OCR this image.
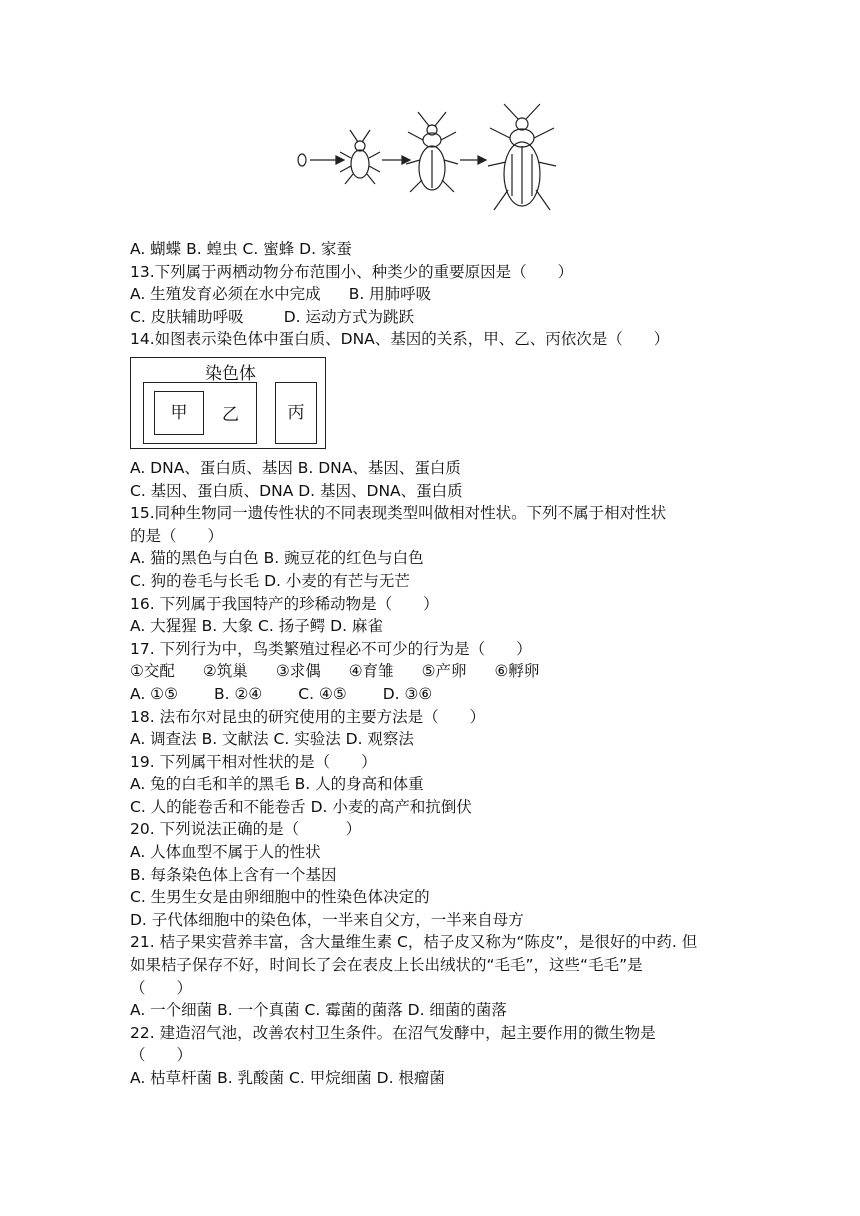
A. 蝴蝶 B. 蝗虫 C. 蜜蜂 D. 家蚕
13.下列属于两栖动物分布范围小、种类少的重要原因是（　　）
A. 生殖发育必须在水中完成 B. 用肺呼吸
C. 皮肤辅助呼吸	D. 运动方式为跳跃
14.如图表示染色体中蛋白质、DNA、基因的关系，甲、乙、丙依次是（　　）
染色体
甲	乙	丙
A. DNA、蛋白质、基因 B. DNA、基因、蛋白质
C. 基因、蛋白质、DNA D. 基因、DNA、蛋白质
15.同种生物同一遗传性状的不同表现类型叫做相对性状。下列不属于相对性状
的是（　　）
A. 猫的黑色与白色 B. 豌豆花的红色与白色
C. 狗的卷毛与长毛 D. 小麦的有芒与无芒
16. 下列属于我国特产的珍稀动物是（　　）
A. 大猩猩 B. 大象 C. 扬子鳄 D. 麻雀
17. 下列行为中，鸟类繁殖过程必不可少的行为是（　　）
①交配 ②筑巢 ③求偶 ④育雏 ⑤产卵 ⑥孵卵
A. ①⑤ B. ②④ C. ④⑤ D. ③⑥
18. 法布尔对昆虫的研究使用的主要方法是（　　）
A. 调查法 B. 文献法 C. 实验法 D. 观察法
19. 下列属干相对性状的是（　　）
A. 兔的白毛和羊的黑毛 B. 人的身高和体重
C. 人的能卷舌和不能卷舌 D. 小麦的高产和抗倒伏
20. 下列说法正确的是（　　　）
A. 人体血型不属于人的性状
B. 每条染色体上含有一个基因
C. 生男生女是由卵细胞中的性染色体决定的
D. 子代体细胞中的染色体，一半来自父方，一半来自母方
21. 桔子果实营养丰富，含大量维生素 C，桔子皮又称为“陈皮”，是很好的中药. 但
如果桔子保存不好，时间长了会在表皮上长出绒状的“毛毛”，这些“毛毛”是
（　　）
A. 一个细菌 B. 一个真菌 C. 霉菌的菌落 D. 细菌的菌落
22. 建造沼气池，改善农村卫生条件。在沼气发酵中，起主要作用的微生物是
（　　）
A. 枯草杆菌 B. 乳酸菌 C. 甲烷细菌 D. 根瘤菌
